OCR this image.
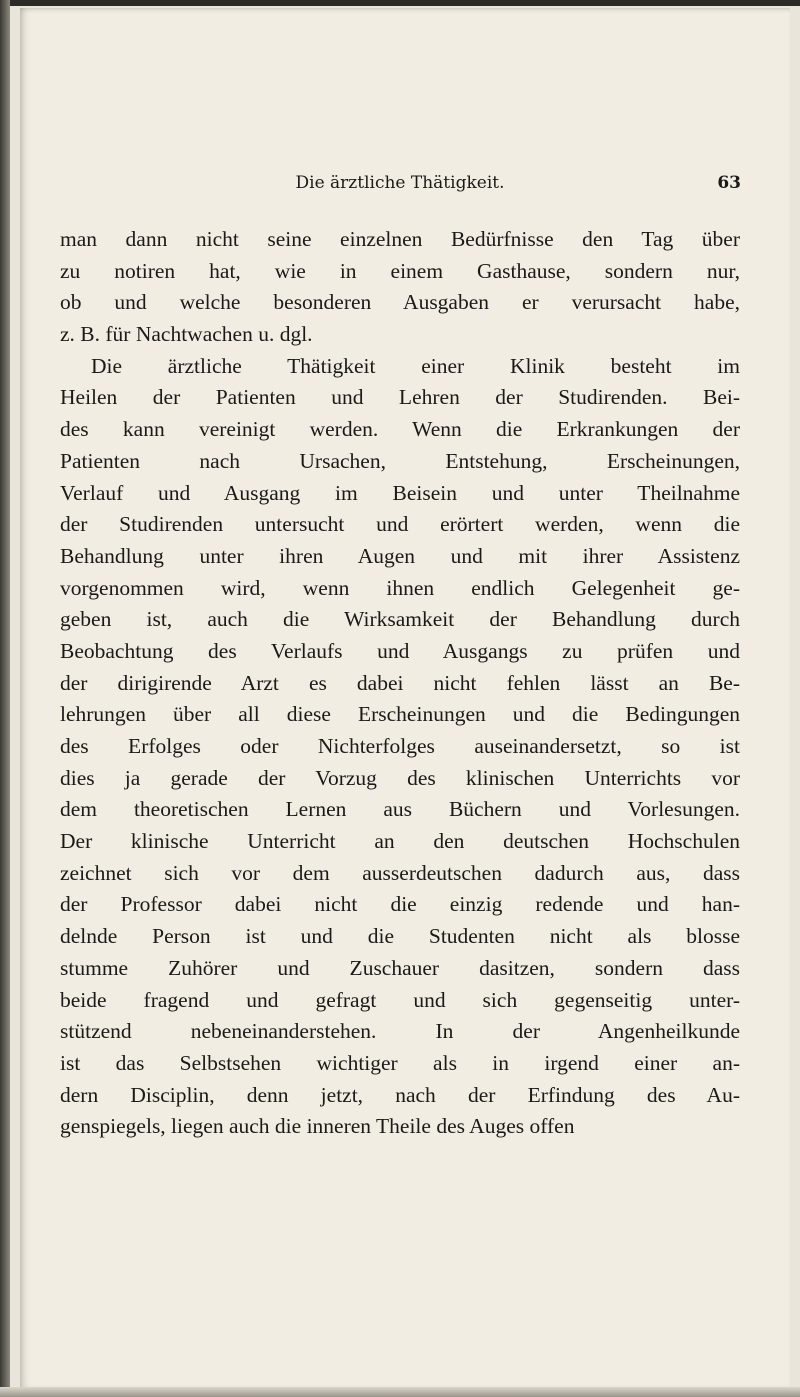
Die ärztliche Thätigkeit.	63
man dann nicht seine einzelnen Bedürfnisse den Tag über
zu notiren hat, wie in einem Gasthause, sondern nur,
ob und welche besonderen Ausgaben er verursacht habe,
z. B. für Nachtwachen u. dgl.
Die ärztliche Thätigkeit einer Klinik besteht im
Heilen der Patienten und Lehren der Studirenden. Bei-
des kann vereinigt werden. Wenn die Erkrankungen der
Patienten nach Ursachen, Entstehung, Erscheinungen,
Verlauf und Ausgang im Beisein und unter Theilnahme
der Studirenden untersucht und erörtert werden, wenn die
Behandlung unter ihren Augen und mit ihrer Assistenz
vorgenommen wird, wenn ihnen endlich Gelegenheit ge-
geben ist, auch die Wirksamkeit der Behandlung durch
Beobachtung des Verlaufs und Ausgangs zu prüfen und
der dirigirende Arzt es dabei nicht fehlen lässt an Be-
lehrungen über all diese Erscheinungen und die Bedingungen
des Erfolges oder Nichterfolges auseinandersetzt, so ist
dies ja gerade der Vorzug des klinischen Unterrichts vor
dem theoretischen Lernen aus Büchern und Vorlesungen.
Der klinische Unterricht an den deutschen Hochschulen
zeichnet sich vor dem ausserdeutschen dadurch aus, dass
der Professor dabei nicht die einzig redende und han-
delnde Person ist und die Studenten nicht als blosse
stumme Zuhörer und Zuschauer dasitzen, sondern dass
beide fragend und gefragt und sich gegenseitig unter-
stützend nebeneinanderstehen. In der Angenheilkunde
ist das Selbstsehen wichtiger als in irgend einer an-
dern Disciplin, denn jetzt, nach der Erfindung des Au-
genspiegels, liegen auch die inneren Theile des Auges offen
